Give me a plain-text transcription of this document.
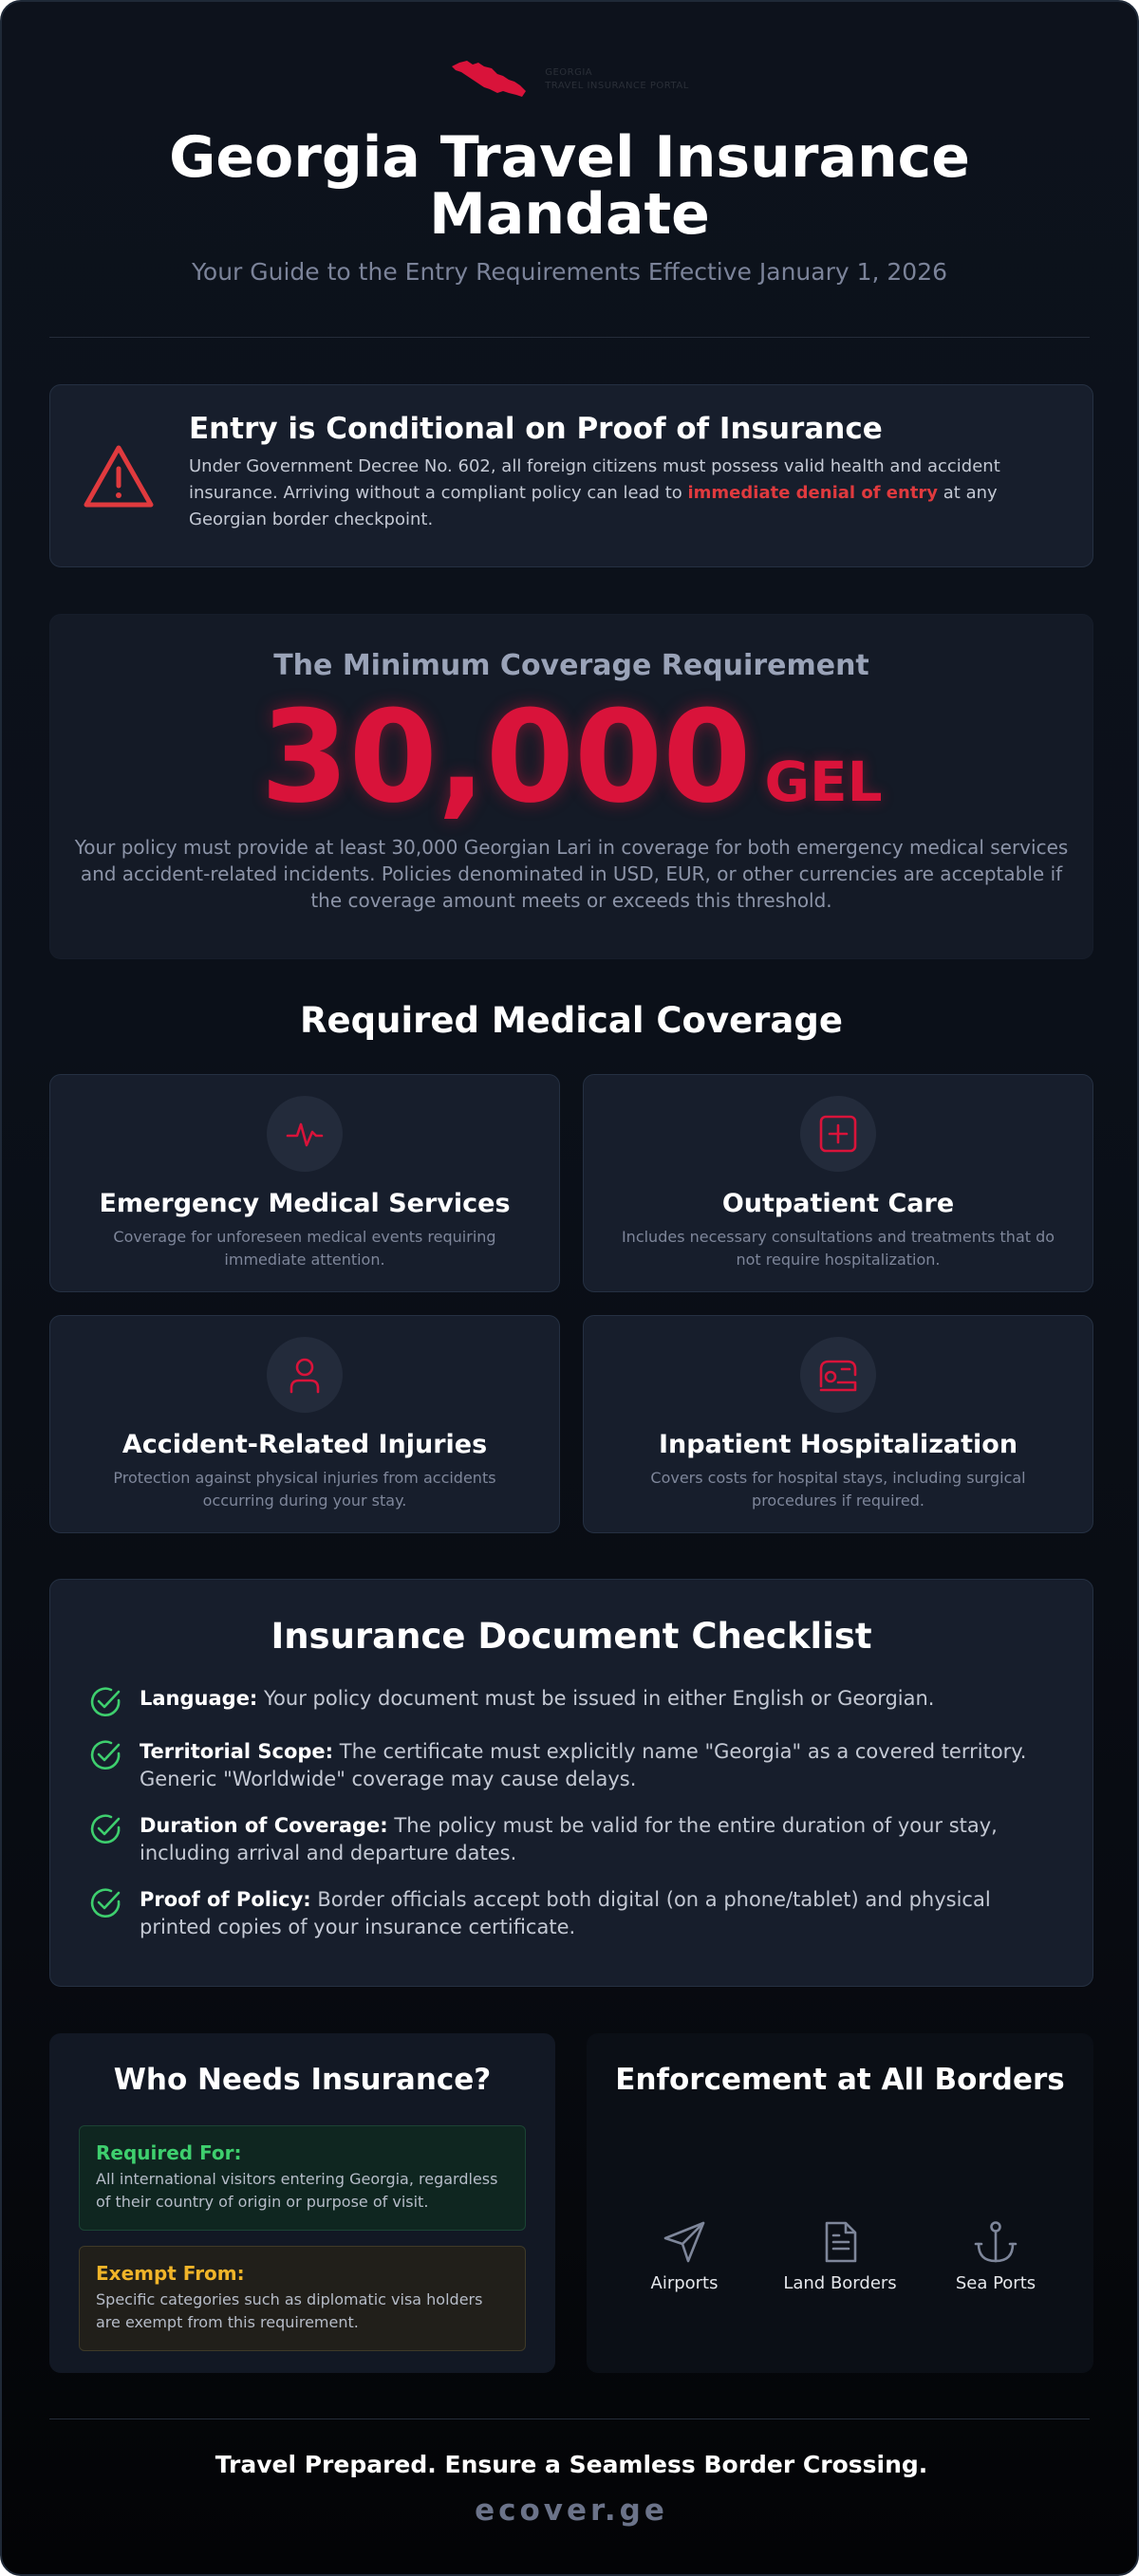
GEORGIA
TRAVEL INSURANCE PORTAL
Georgia Travel Insurance Mandate
Your Guide to the Entry Requirements Effective January 1, 2026
Entry is Conditional on Proof of Insurance
Under Government Decree No. 602, all foreign citizens must possess valid health and accident insurance. Arriving without a compliant policy can lead to immediate denial of entry at any Georgian border checkpoint.
The Minimum Coverage Requirement
30,000 GEL
Your policy must provide at least 30,000 Georgian Lari in coverage for both emergency medical services and accident-related incidents. Policies denominated in USD, EUR, or other currencies are acceptable if the coverage amount meets or exceeds this threshold.
Required Medical Coverage
Emergency Medical Services
Coverage for unforeseen medical events requiring immediate attention.
Outpatient Care
Includes necessary consultations and treatments that do not require hospitalization.
Accident-Related Injuries
Protection against physical injuries from accidents occurring during your stay.
Inpatient Hospitalization
Covers costs for hospital stays, including surgical procedures if required.
Insurance Document Checklist
Language: Your policy document must be issued in either English or Georgian.
Territorial Scope: The certificate must explicitly name "Georgia" as a covered territory. Generic "Worldwide" coverage may cause delays.
Duration of Coverage: The policy must be valid for the entire duration of your stay, including arrival and departure dates.
Proof of Policy: Border officials accept both digital (on a phone/tablet) and physical printed copies of your insurance certificate.
Who Needs Insurance?
Required For:
All international visitors entering Georgia, regardless of their country of origin or purpose of visit.
Exempt From:
Specific categories such as diplomatic visa holders are exempt from this requirement.
Enforcement at All Borders
Airports	Land Borders	Sea Ports
Travel Prepared. Ensure a Seamless Border Crossing.
ecover.ge
